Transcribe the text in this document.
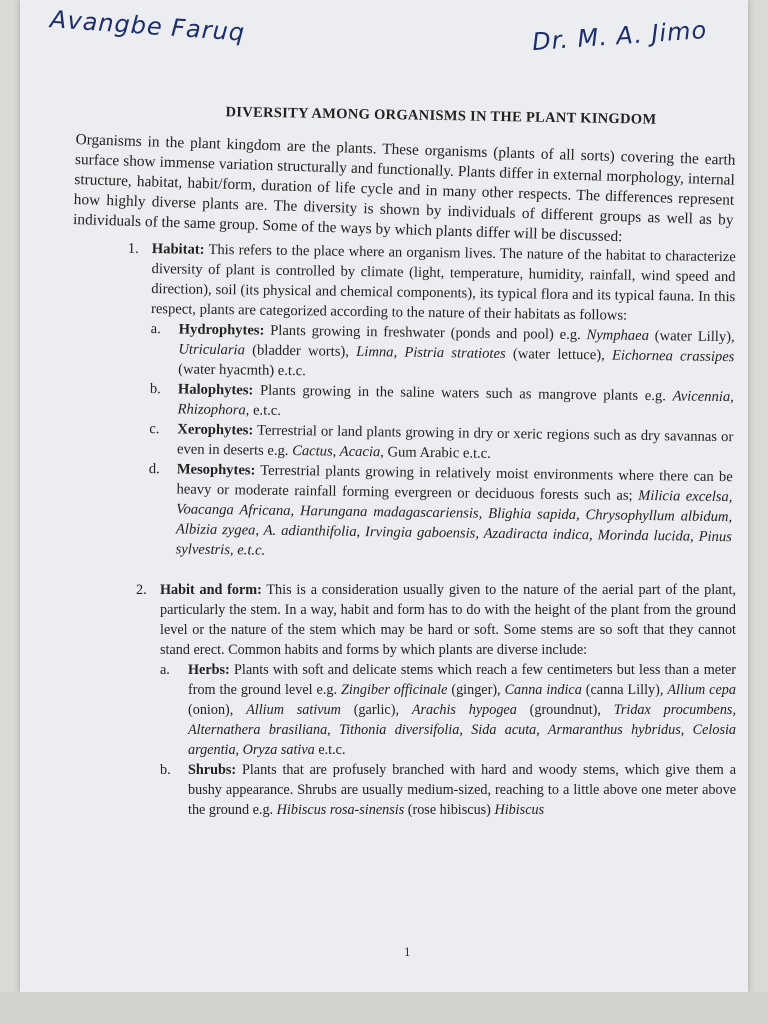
Avangbe Faruq	Dr. M. A. Jimo
DIVERSITY AMONG ORGANISMS IN THE PLANT KINGDOM

Organisms in the plant kingdom are the plants. These organisms (plants of all sorts) covering the earth surface show immense variation structurally and functionally. Plants differ in external morphology, internal structure, habitat, habit/form, duration of life cycle and in many other respects. The differences represent how highly diverse plants are. The diversity is shown by individuals of different groups as well as by individuals of the same group. Some of the ways by which plants differ will be discussed:

1. Habitat: This refers to the place where an organism lives. The nature of the habitat to characterize diversity of plant is controlled by climate (light, temperature, humidity, rainfall, wind speed and direction), soil (its physical and chemical components), its typical flora and its typical fauna. In this respect, plants are categorized according to the nature of their habitats as follows:
a. Hydrophytes: Plants growing in freshwater (ponds and pool) e.g. Nymphaea (water Lilly), Utricularia (bladder worts), Limna, Pistria stratiotes (water lettuce), Eichornea crassipes (water hyacmth) e.t.c.
b. Halophytes: Plants growing in the saline waters such as mangrove plants e.g. Avicennia, Rhizophora, e.t.c.
c. Xerophytes: Terrestrial or land plants growing in dry or xeric regions such as dry savannas or even in deserts e.g. Cactus, Acacia, Gum Arabic e.t.c.
d. Mesophytes: Terrestrial plants growing in relatively moist environments where there can be heavy or moderate rainfall forming evergreen or deciduous forests such as; Milicia excelsa, Voacanga Africana, Harungana madagascariensis, Blighia sapida, Chrysophyllum albidum, Albizia zygea, A. adianthifolia, Irvingia gaboensis, Azadiracta indica, Morinda lucida, Pinus sylvestris, e.t.c.
2. Habit and form: This is a consideration usually given to the nature of the aerial part of the plant, particularly the stem. In a way, habit and form has to do with the height of the plant from the ground level or the nature of the stem which may be hard or soft. Some stems are so soft that they cannot stand erect. Common habits and forms by which plants are diverse include:
a. Herbs: Plants with soft and delicate stems which reach a few centimeters but less than a meter from the ground level e.g. Zingiber officinale (ginger), Canna indica (canna Lilly), Allium cepa (onion), Allium sativum (garlic), Arachis hypogea (groundnut), Tridax procumbens, Alternathera brasiliana, Tithonia diversifolia, Sida acuta, Armaranthus hybridus, Celosia argentia, Oryza sativa e.t.c.
b. Shrubs: Plants that are profusely branched with hard and woody stems, which give them a bushy appearance. Shrubs are usually medium-sized, reaching to a little above one meter above the ground e.g. Hibiscus rosa-sinensis (rose hibiscus) Hibiscus
1
